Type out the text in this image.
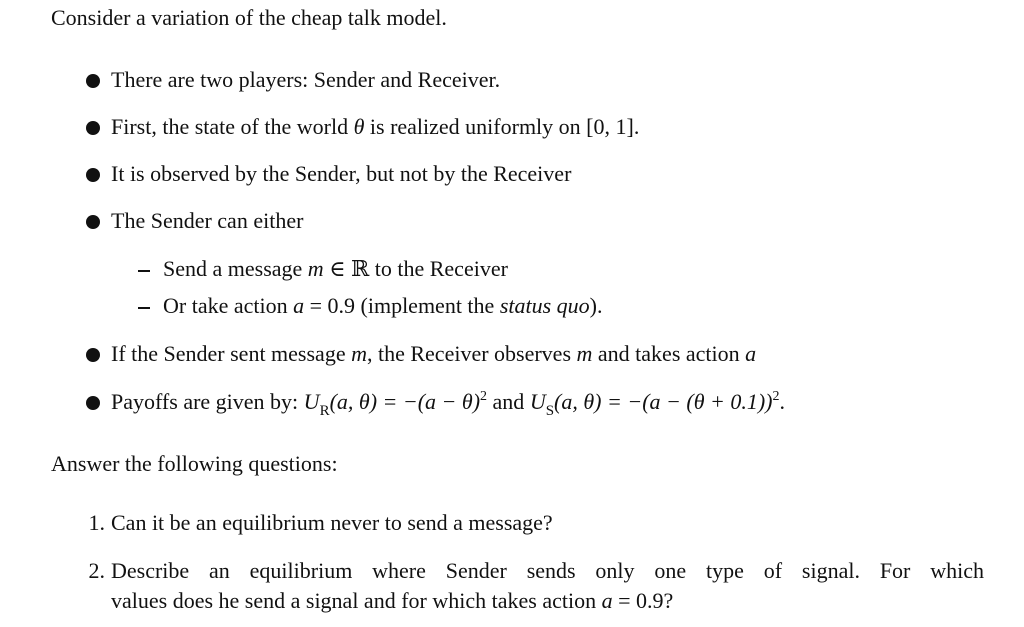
Consider a variation of the cheap talk model.
There are two players: Sender and Receiver.
First, the state of the world θ is realized uniformly on [0, 1].
It is observed by the Sender, but not by the Receiver
The Sender can either
Send a message m ∈ ℝ to the Receiver
Or take action a = 0.9 (implement the status quo).
If the Sender sent message m, the Receiver observes m and takes action a
Payoffs are given by: $U_R(a$, $\theta) = -(a - \theta)^2$ and $U_S(a$, $\theta) = -(a - (\theta + 0.1))^2$.
Answer the following questions:
1. Can it be an equilibrium never to send a message?
2. Describe an equilibrium where Sender sends only one type of signal. For which
values does he send a signal and for which takes action a = 0.9?
